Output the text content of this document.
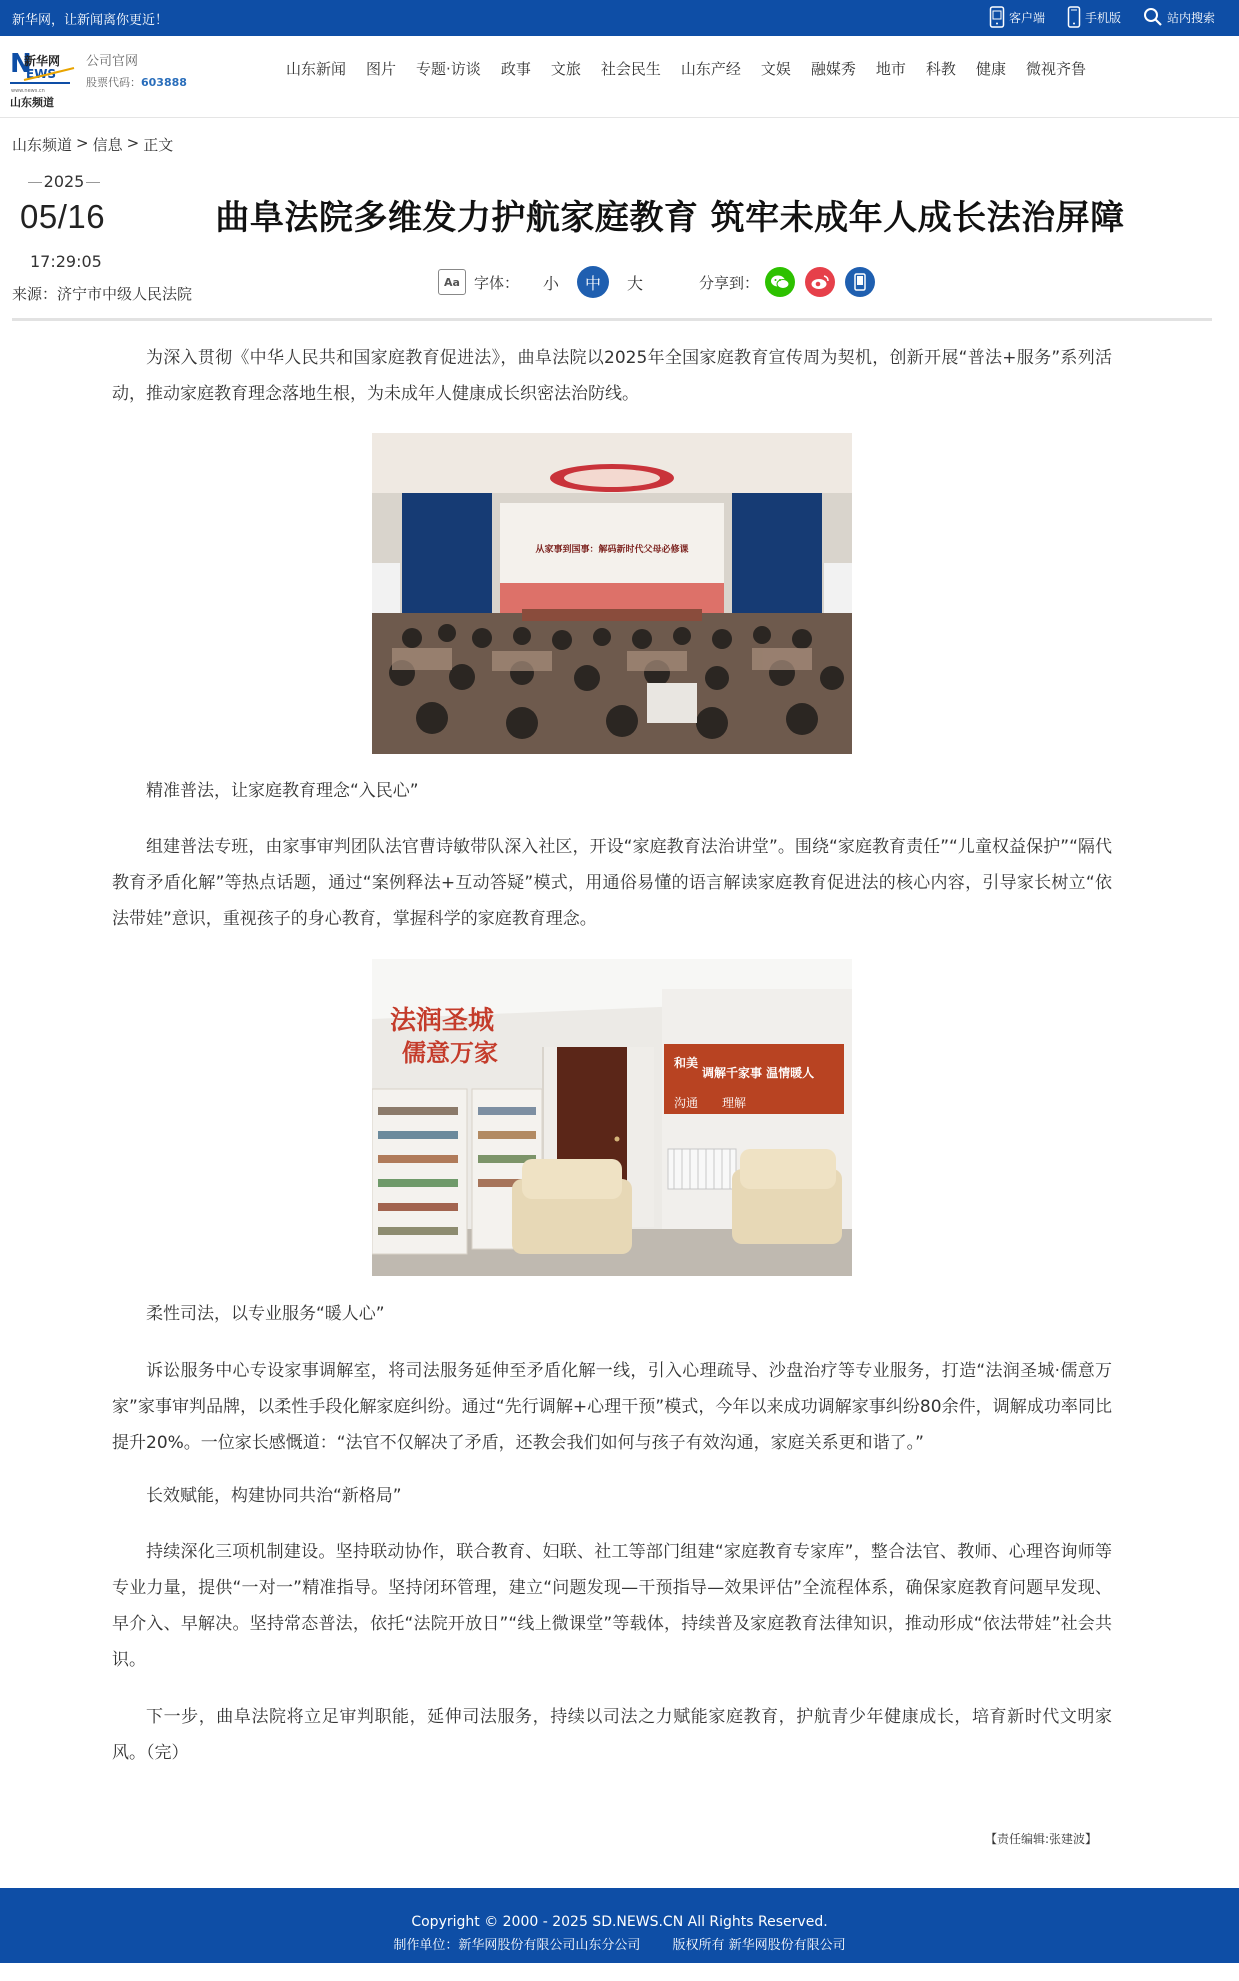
新华网，让新闻离你更近！	客户端	手机版	站内搜索
N
新华网
EWS
www.news.cn
山东频道
公司官网
股票代码：603888
山东新闻	图片	专题·访谈	政事	文旅	社会民生	山东产经	文娱	融媒秀	地市	科教	健康	微视齐鲁
山东频道 > 信息 > 正文
2025
05/16
17:29:05
来源：济宁市中级人民法院
曲阜法院多维发力护航家庭教育 筑牢未成年人成长法治屏障
Aa 字体： 小	中	大	分享到：

为深入贯彻《中华人民共和国家庭教育促进法》，曲阜法院以2025年全国家庭教育宣传周为契机，创新开展“普法+服务”系列活动，推动家庭教育理念落地生根，为未成年人健康成长织密法治防线。

从家事到国事：解码新时代父母必修课

精准普法，让家庭教育理念“入民心”

组建普法专班，由家事审判团队法官曹诗敏带队深入社区，开设“家庭教育法治讲堂”。围绕“家庭教育责任”“儿童权益保护”“隔代教育矛盾化解”等热点话题，通过“案例释法+互动答疑”模式，用通俗易懂的语言解读家庭教育促进法的核心内容，引导家长树立“依法带娃”意识，重视孩子的身心教育，掌握科学的家庭教育理念。

法润圣城
儒意万家	和美
调解千家事 温情暖人
沟通 理解

柔性司法，以专业服务“暖人心”

诉讼服务中心专设家事调解室，将司法服务延伸至矛盾化解一线，引入心理疏导、沙盘治疗等专业服务，打造“法润圣城·儒意万家”家事审判品牌，以柔性手段化解家庭纠纷。通过“先行调解+心理干预”模式，今年以来成功调解家事纠纷80余件，调解成功率同比提升20%。一位家长感慨道：“法官不仅解决了矛盾，还教会我们如何与孩子有效沟通，家庭关系更和谐了。”

长效赋能，构建协同共治“新格局”

持续深化三项机制建设。坚持联动协作，联合教育、妇联、社工等部门组建“家庭教育专家库”，整合法官、教师、心理咨询师等专业力量，提供“一对一”精准指导。坚持闭环管理，建立“问题发现—干预指导—效果评估”全流程体系，确保家庭教育问题早发现、早介入、早解决。坚持常态普法，依托“法院开放日”“线上微课堂”等载体，持续普及家庭教育法律知识，推动形成“依法带娃”社会共识。

下一步，曲阜法院将立足审判职能，延伸司法服务，持续以司法之力赋能家庭教育，护航青少年健康成长，培育新时代文明家风。（完）

【责任编辑:张建波】
Copyright © 2000 - 2025 SD.NEWS.CN All Rights Reserved.
制作单位：新华网股份有限公司山东分公司 版权所有 新华网股份有限公司
